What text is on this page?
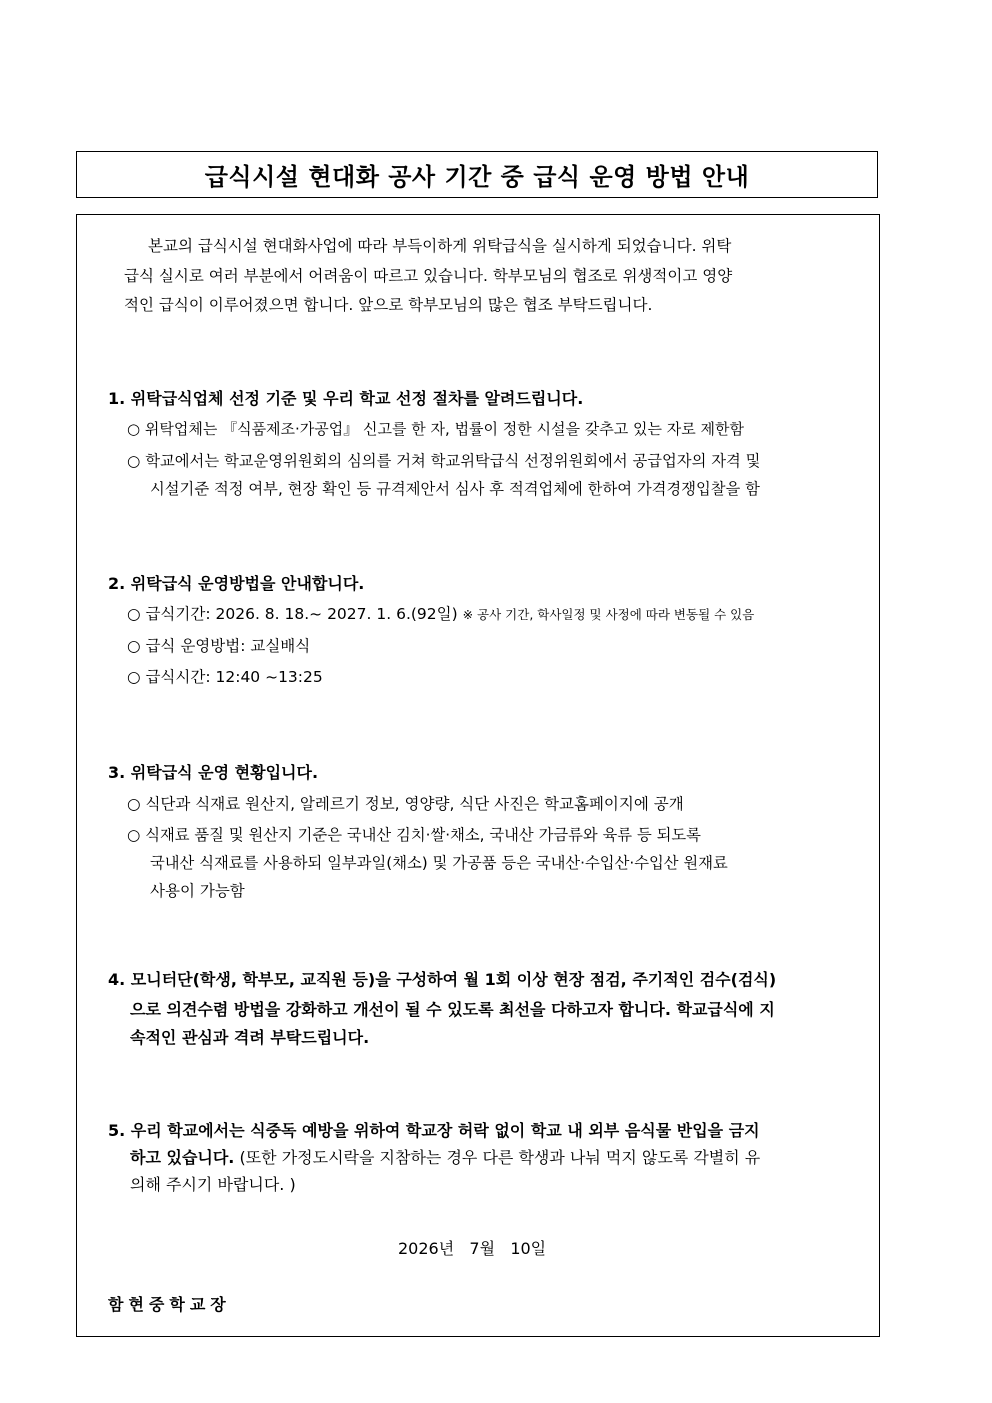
급식시설 현대화 공사 기간 중 급식 운영 방법 안내
본교의 급식시설 현대화사업에 따라 부득이하게 위탁급식을 실시하게 되었습니다. 위탁
급식 실시로 여러 부분에서 어려움이 따르고 있습니다. 학부모님의 협조로 위생적이고 영양
적인 급식이 이루어졌으면 합니다. 앞으로 학부모님의 많은 협조 부탁드립니다.
1. 위탁급식업체 선정 기준 및 우리 학교 선정 절차를 알려드립니다.
○ 위탁업체는 『식품제조·가공업』 신고를 한 자, 법률이 정한 시설을 갖추고 있는 자로 제한함
○ 학교에서는 학교운영위원회의 심의를 거쳐 학교위탁급식 선정위원회에서 공급업자의 자격 및
시설기준 적정 여부, 현장 확인 등 규격제안서 심사 후 적격업체에 한하여 가격경쟁입찰을 함
2. 위탁급식 운영방법을 안내합니다.
○ 급식기간: 2026. 8. 18.~ 2027. 1. 6.(92일) ※ 공사 기간, 학사일정 및 사정에 따라 변동될 수 있음
○ 급식 운영방법: 교실배식
○ 급식시간: 12:40 ~13:25
3. 위탁급식 운영 현황입니다.
○ 식단과 식재료 원산지, 알레르기 정보, 영양량, 식단 사진은 학교홈페이지에 공개
○ 식재료 품질 및 원산지 기준은 국내산 김치·쌀·채소, 국내산 가금류와 육류 등 되도록
국내산 식재료를 사용하되 일부과일(채소) 및 가공품 등은 국내산·수입산·수입산 원재료
사용이 가능함
4. 모니터단(학생, 학부모, 교직원 등)을 구성하여 월 1회 이상 현장 점검, 주기적인 검수(검식)
으로 의견수렴 방법을 강화하고 개선이 될 수 있도록 최선을 다하고자 합니다. 학교급식에 지
속적인 관심과 격려 부탁드립니다.
5. 우리 학교에서는 식중독 예방을 위하여 학교장 허락 없이 학교 내 외부 음식물 반입을 금지
하고 있습니다. (또한 가정도시락을 지참하는 경우 다른 학생과 나눠 먹지 않도록 각별히 유
의해 주시기 바랍니다. )
2026년   7월   10일
함현중학교장
